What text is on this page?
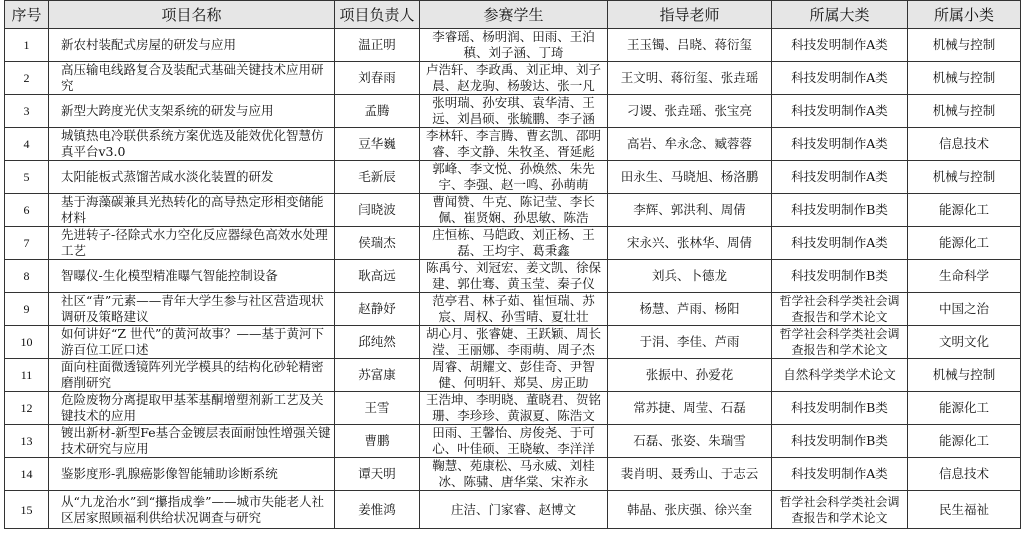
序号	项目名称	项目负责人	参赛学生	指导老师	所属大类	所属小类
1	新农村装配式房屋的研发与应用	温正明	李睿瑶、杨明润、田雨、王泊稹、刘子涵、丁琦	王玉镯、吕晓、蒋衍玺	科技发明制作A类	机械与控制
2	高压输电线路复合及装配式基础关键技术应用研究	刘春雨	卢浩轩、李政禹、刘正坤、刘子晨、赵龙驹、杨骏达、张一凡	王文明、蒋衍玺、张垚瑶	科技发明制作A类	机械与控制
3	新型大跨度光伏支架系统的研发与应用	孟腾	张明瑞、孙安琪、袁华清、王远、刘昌硕、张毓鹏、李子涵	刁谡、张垚瑶、张宝亮	科技发明制作A类	机械与控制
4	城镇热电冷联供系统方案优选及能效优化智慧仿真平台v3.0	豆华巍	李林轩、李言腾、曹玄凯、邵明睿、李文静、朱牧圣、胥延彪	高岩、牟永念、臧蓉蓉	科技发明制作A类	信息技术
5	太阳能板式蒸馏苦咸水淡化装置的研发	毛新辰	郭峰、李文悦、孙焕然、朱先宇、李强、赵一鸣、孙萌萌	田永生、马晓旭、杨洛鹏	科技发明制作A类	机械与控制
6	基于海藻碳兼具光热转化的高导热定形相变储能材料	闫晓波	曹闻赞、牛克、陈记莹、李长佩、崔贤娴、孙思敏、陈浩	李辉、郭洪利、周倩	科技发明制作B类	能源化工
7	先进转子-径除式水力空化反应器绿色高效水处理工艺	侯瑞杰	庄恒栋、马皑政、刘正杨、王磊、王均宇、葛秉鑫	宋永兴、张林华、周倩	科技发明制作A类	能源化工
8	智曝仪-生化模型精准曝气智能控制设备	耿高远	陈禹兮、刘冠宏、姜文凯、徐保建、郭仕骞、黄玉莹、秦子仪	刘兵、卜德龙	科技发明制作B类	生命科学
9	社区“青”元素——青年大学生参与社区营造现状调研及策略建议	赵静妤	范亭君、林子茹、崔恒瑞、苏宸、周权、孙雪晴、夏壮壮	杨慧、芦雨、杨阳	哲学社会科学类社会调查报告和学术论文	中国之治
10	如何讲好“Z 世代”的黄河故事？——基于黄河下游百位工匠口述	邱纯然	胡心月、张睿婕、王跃颖、周长滢、王丽娜、李雨萌、周子杰	于涓、李佳、芦雨	哲学社会科学类社会调查报告和学术论文	文明文化
11	面向柱面微透镜阵列光学模具的结构化砂轮精密磨削研究	苏富康	周睿、胡耀文、彭佳奇、尹智健、何明轩、郑昊、房正助	张振中、孙爱花	自然科学类学术论文	机械与控制
12	危险废物分离提取甲基苯基酮增塑剂新工艺及关键技术的应用	王雪	王浩坤、李明晓、董晓君、贺铭珊、李珍珍、黄淑夏、陈浩文	常苏捷、周莹、石磊	科技发明制作B类	能源化工
13	镀出新材-新型Fe基合金镀层表面耐蚀性增强关键技术研究与应用	曹鹏	田雨、王馨怡、房俊尧、于可心、叶佳硕、王晓敏、李洋洋	石磊、张姿、朱瑞雪	科技发明制作B类	能源化工
14	鉴影度形-乳腺癌影像智能辅助诊断系统	谭天明	鞠慧、苑康松、马永威、刘桂冰、陈骕、唐华棠、宋祚永	裴肖明、聂秀山、于志云	科技发明制作A类	信息技术
15	从“九龙治水”到“攥指成拳”——城市失能老人社区居家照顾福利供给状况调查与研究	姜惟鸿	庄洁、门家睿、赵博文	韩晶、张庆强、徐兴奎	哲学社会科学类社会调查报告和学术论文	民生福祉
